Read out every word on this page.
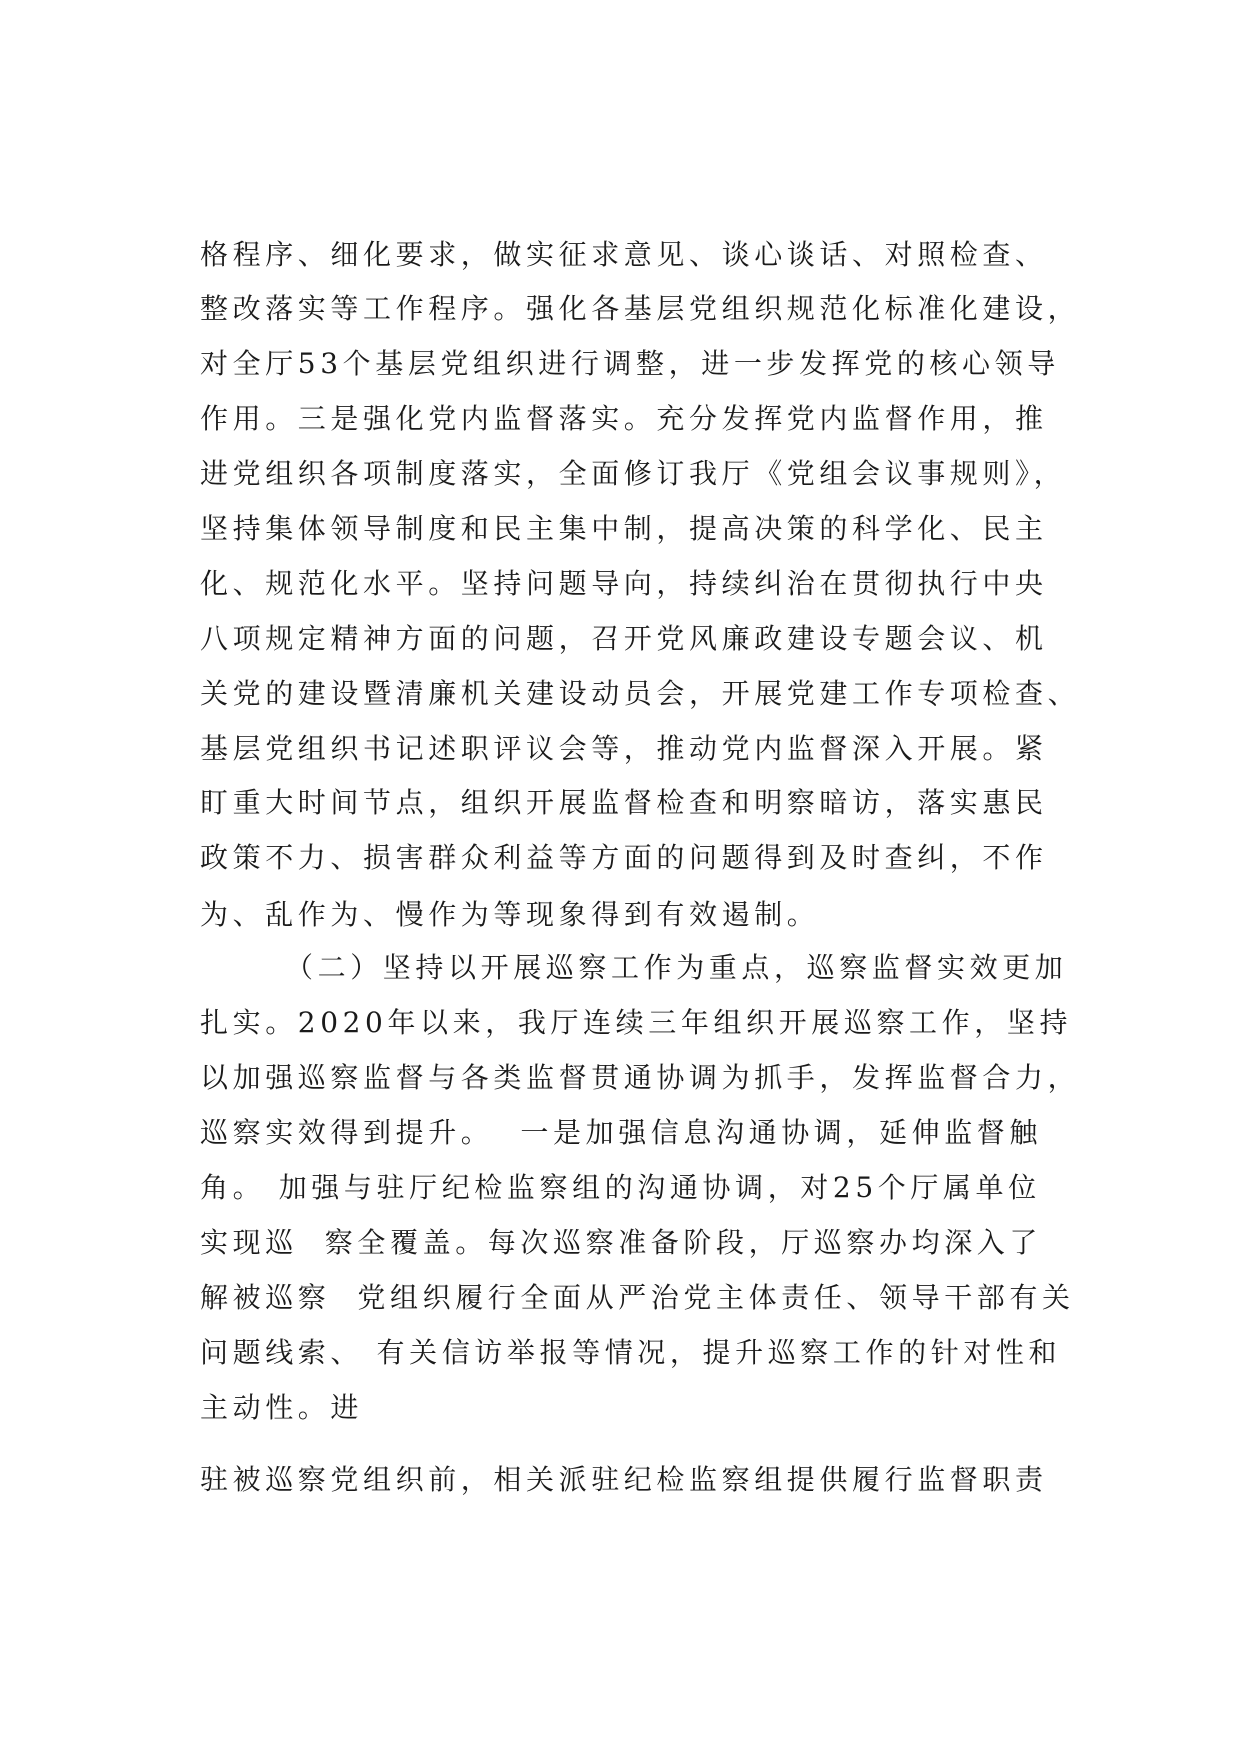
格程序、细化要求，做实征求意见、谈心谈话、对照检查、
整改落实等工作程序。强化各基层党组织规范化标准化建设，
对全厅53个基层党组织进行调整，进一步发挥党的核心领导
作用。三是强化党内监督落实。充分发挥党内监督作用，推
进党组织各项制度落实，全面修订我厅《党组会议事规则》，
坚持集体领导制度和民主集中制，提高决策的科学化、民主
化、规范化水平。坚持问题导向，持续纠治在贯彻执行中央
八项规定精神方面的问题，召开党风廉政建设专题会议、机
关党的建设暨清廉机关建设动员会，开展党建工作专项检查、
基层党组织书记述职评议会等，推动党内监督深入开展。紧
盯重大时间节点，组织开展监督检查和明察暗访，落实惠民
政策不力、损害群众利益等方面的问题得到及时查纠，不作
为、乱作为、慢作为等现象得到有效遏制。
（二）坚持以开展巡察工作为重点，巡察监督实效更加
扎实。2020年以来，我厅连续三年组织开展巡察工作，坚持
以加强巡察监督与各类监督贯通协调为抓手，发挥监督合力，
巡察实效得到提升。  一是加强信息沟通协调，延伸监督触
角。 加强与驻厅纪检监察组的沟通协调，对25个厅属单位
实现巡  察全覆盖。每次巡察准备阶段，厅巡察办均深入了
解被巡察  党组织履行全面从严治党主体责任、领导干部有关
问题线索、 有关信访举报等情况，提升巡察工作的针对性和
主动性。进
驻被巡察党组织前，相关派驻纪检监察组提供履行监督职责
